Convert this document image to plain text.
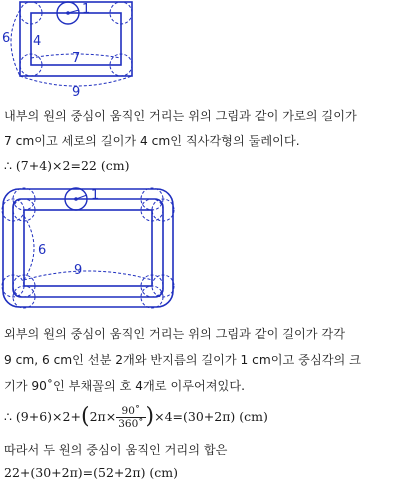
1
4
6
7
9
내부의 원의 중심이 움직인 거리는 위의 그림과 같이 가로의 길이가
7 cm이고 세로의 길이가 4 cm인 직사각형의 둘레이다.
∴ (7+4)×2=22 (cm)
1
6
9
외부의 원의 중심이 움직인 거리는 위의 그림과 같이 길이가 각각
9 cm, 6 cm인 선분 2개와 반지름의 길이가 1 cm이고 중심각의 크
기가 90˚인 부채꼴의 호 4개로 이루어져있다.
∴ (9+6)×2+ ( $2\pi\times \frac{90˚}{360˚}$ ) ×4=(30+2π) (cm)
따라서 두 원의 중심이 움직인 거리의 합은
22+(30+2π)=(52+2π) (cm)
